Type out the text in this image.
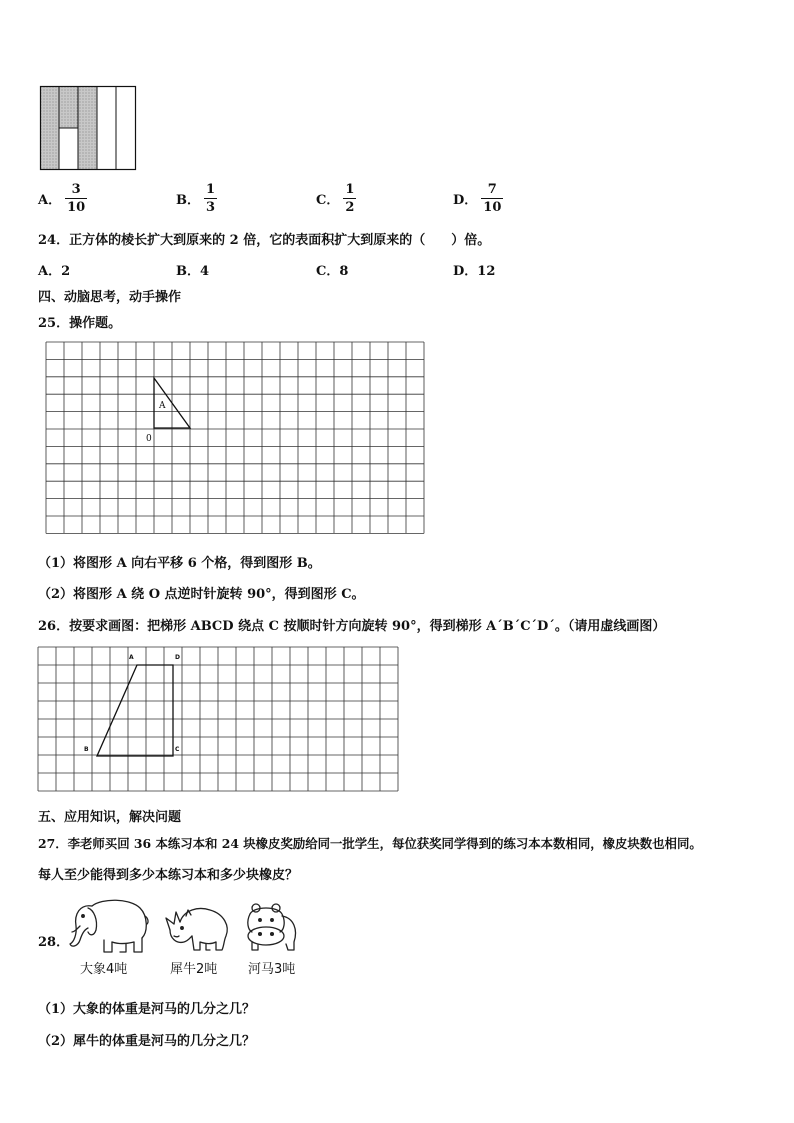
A． $\frac{3}{10}$	B． $\frac{1}{3}$	C． $\frac{1}{2}$	D． $\frac{7}{10}$
24．正方体的棱长扩大到原来的 2 倍，它的表面积扩大到原来的（　　）倍。
A．2	B．4	C．8	D．12
四、动脑思考，动手操作
25．操作题。
A
0
（1）将图形 A 向右平移 6 个格，得到图形 B。
（2）将图形 A 绕 O 点逆时针旋转 90°，得到图形 C。
26．按要求画图：把梯形 ABCD 绕点 C 按顺时针方向旋转 90°，得到梯形 A´B´C´D´。（请用虚线画图）
A	D
B	C
五、应用知识，解决问题
27．李老师买回 36 本练习本和 24 块橡皮奖励给同一批学生，每位获奖同学得到的练习本本数相同，橡皮块数也相同。
每人至少能得到多少本练习本和多少块橡皮？
28．
大象4吨	犀牛2吨 河马3吨
（1）大象的体重是河马的几分之几？
（2）犀牛的体重是河马的几分之几？
